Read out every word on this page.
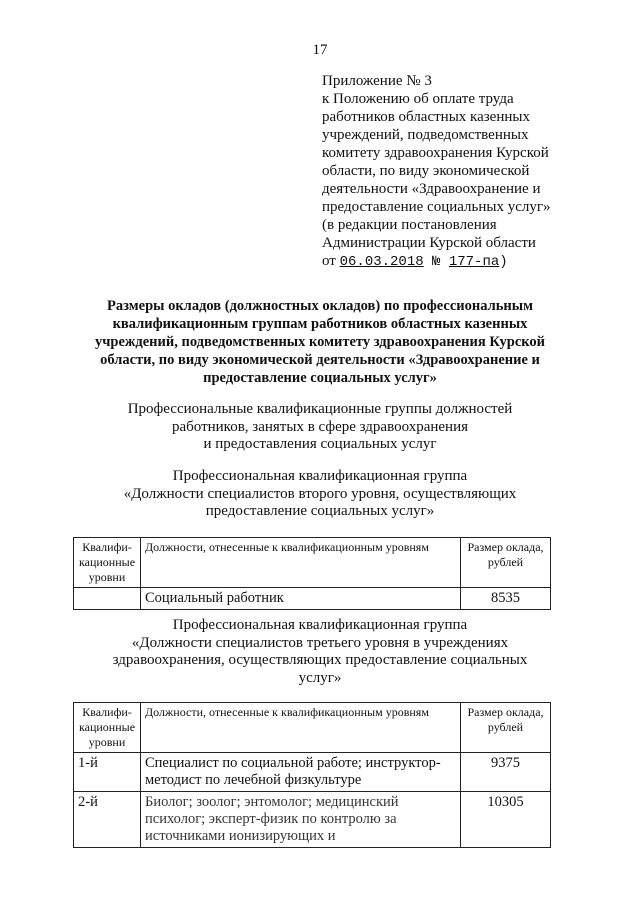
17
Приложение № 3
к Положению об оплате труда
работников областных казенных
учреждений, подведомственных
комитету здравоохранения Курской
области, по виду экономической
деятельности «Здравоохранение и
предоставление социальных услуг»
(в редакции постановления
Администрации Курской области
от 06.03.2018 № 177-па)
Размеры окладов (должностных окладов) по профессиональным
квалификационным группам работников областных казенных
учреждений, подведомственных комитету здравоохранения Курской
области, по виду экономической деятельности «Здравоохранение и
предоставление социальных услуг»
Профессиональные квалификационные группы должностей
работников, занятых в сфере здравоохранения
и предоставления социальных услуг
Профессиональная квалификационная группа
«Должности специалистов второго уровня, осуществляющих
предоставление социальных услуг»
Квалифи-кационные уровни	Должности, отнесенные к квалификационным уровням	Размер оклада, рублей
	Социальный работник	8535
Профессиональная квалификационная группа
«Должности специалистов третьего уровня в учреждениях
здравоохранения, осуществляющих предоставление социальных
услуг»
Квалифи-кационные уровни	Должности, отнесенные к квалификационным уровням	Размер оклада, рублей
1-й	Специалист по социальной работе; инструктор-методист по лечебной физкультуре	9375
2-й	Биолог; зоолог; энтомолог; медицинский психолог; эксперт-физик по контролю за источниками ионизирующих и	10305
